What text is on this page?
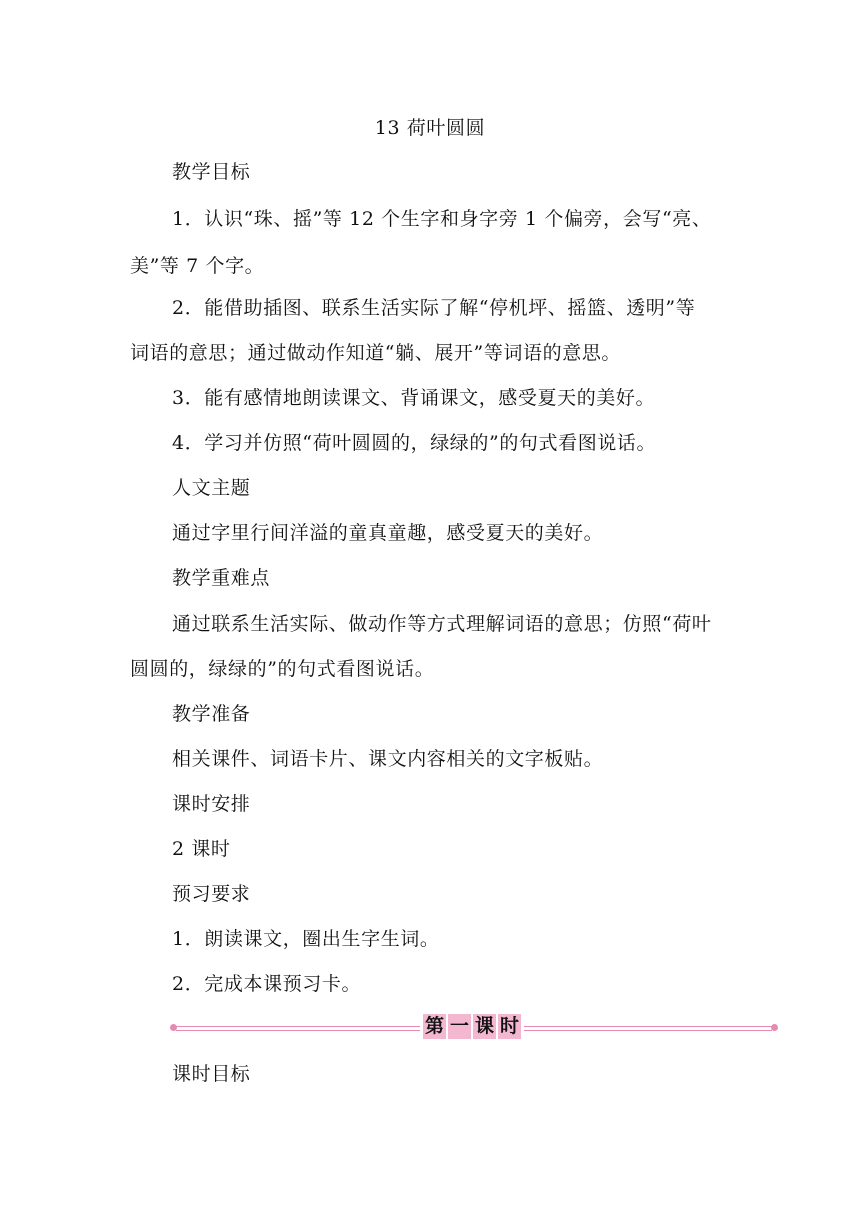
13 荷叶圆圆
教学目标
1．认识“珠、摇”等 12 个生字和身字旁 1 个偏旁，会写“亮、
美”等 7 个字。
2．能借助插图、联系生活实际了解“停机坪、摇篮、透明”等
词语的意思；通过做动作知道“躺、展开”等词语的意思。
3．能有感情地朗读课文、背诵课文，感受夏天的美好。
4．学习并仿照“荷叶圆圆的，绿绿的”的句式看图说话。
人文主题
通过字里行间洋溢的童真童趣，感受夏天的美好。
教学重难点
通过联系生活实际、做动作等方式理解词语的意思；仿照“荷叶
圆圆的，绿绿的”的句式看图说话。
教学准备
相关课件、词语卡片、课文内容相关的文字板贴。
课时安排
2 课时
预习要求
1．朗读课文，圈出生字生词。
2．完成本课预习卡。
第 一 课 时
课时目标
